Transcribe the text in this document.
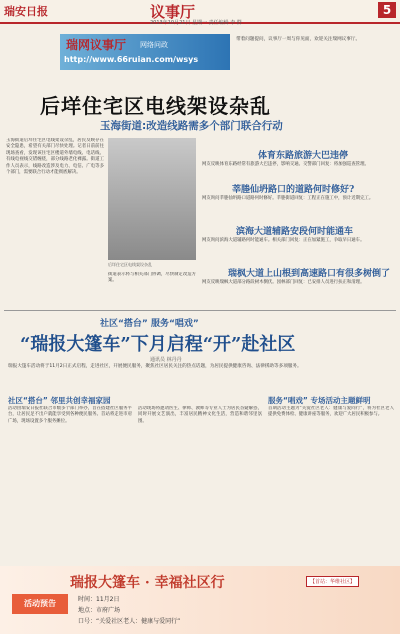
瑞安日报	议事厅
2013年10月21日 星期一 责任编辑 李 群
5
瑞网议事厅 网络问政
http://www.66ruian.com/wsys
带着问题提问，议事厅一周与你见面，欢迎关注瑞网议事厅。
后垟住宅区电线架设杂乱
玉海街道:改造线路需多个部门联合行动
玉海街道后垟住宅区电线架设杂乱，居民反映存在安全隐患，希望有关部门尽快处理。记者日前前往现场查看，发现该住宅区楼道外墙电线、电话线、有线电视线交错缠绕，部分线路老化裸露。街道工作人员表示，线路改造涉及电力、电信、广电等多个部门，需要联合行动才能彻底解决。
后垟住宅区电线架设杂乱
街道表示将与相关部门协调，尽快制定改造方案。
体育东路旅游大巴违停
网友反映体育东路经常有旅游大巴违停，影响交通。交警部门回复：将加强巡查管理。
莘塍仙坍路口的道路何时修好?
网友询问莘塍仙坍路口道路何时修好。莘塍街道回复：工程正在施工中，预计近期完工。
滨海大道辅路安段何时能通车
网友询问滨海大道辅路何时能通车。相关部门回复：正在加紧施工，争取早日通车。
瑞枫大道上山根到高速路口有很多树倒了
网友反映瑞枫大道部分路段树木倒伏。园林部门回复：已安排人员进行扶正和清理。
社区“搭台” 服务“唱戏”
“瑞报大篷车”下月启程“开”赴社区
通讯员 林丹丹
瑞报大篷车活动将于11月2日正式启程，走进社区，开展便民服务，聚焦社区居民关注的热点话题，为居民提供健康咨询、法律援助等多项服务。
社区“搭台” 邻里共创幸福家园
活动由瑞安日报社联合市级多个部门举办，旨在搭建社区服务平台，让居民足不出户就能享受到各种便民服务。首站将走进市府广场，现场设置多个服务摊位。
活动现场将邀请医生、律师、教师等专业人士为居民答疑解惑，同时开展文艺演出，丰富居民精神文化生活，营造和谐邻里氛围。
服务“唱戏” 专场活动主题鲜明
首期活动主题为“关爱社区老人：健康与爱同行”，将为社区老人提供免费体检、健康讲座等服务，欢迎广大居民积极参与。
瑞报大篷车 · 幸福社区行	【首站：华维社区】
活动预告	时间：11月2日
地点：市府广场
口号：“关爱社区老人：健康与爱同行”
